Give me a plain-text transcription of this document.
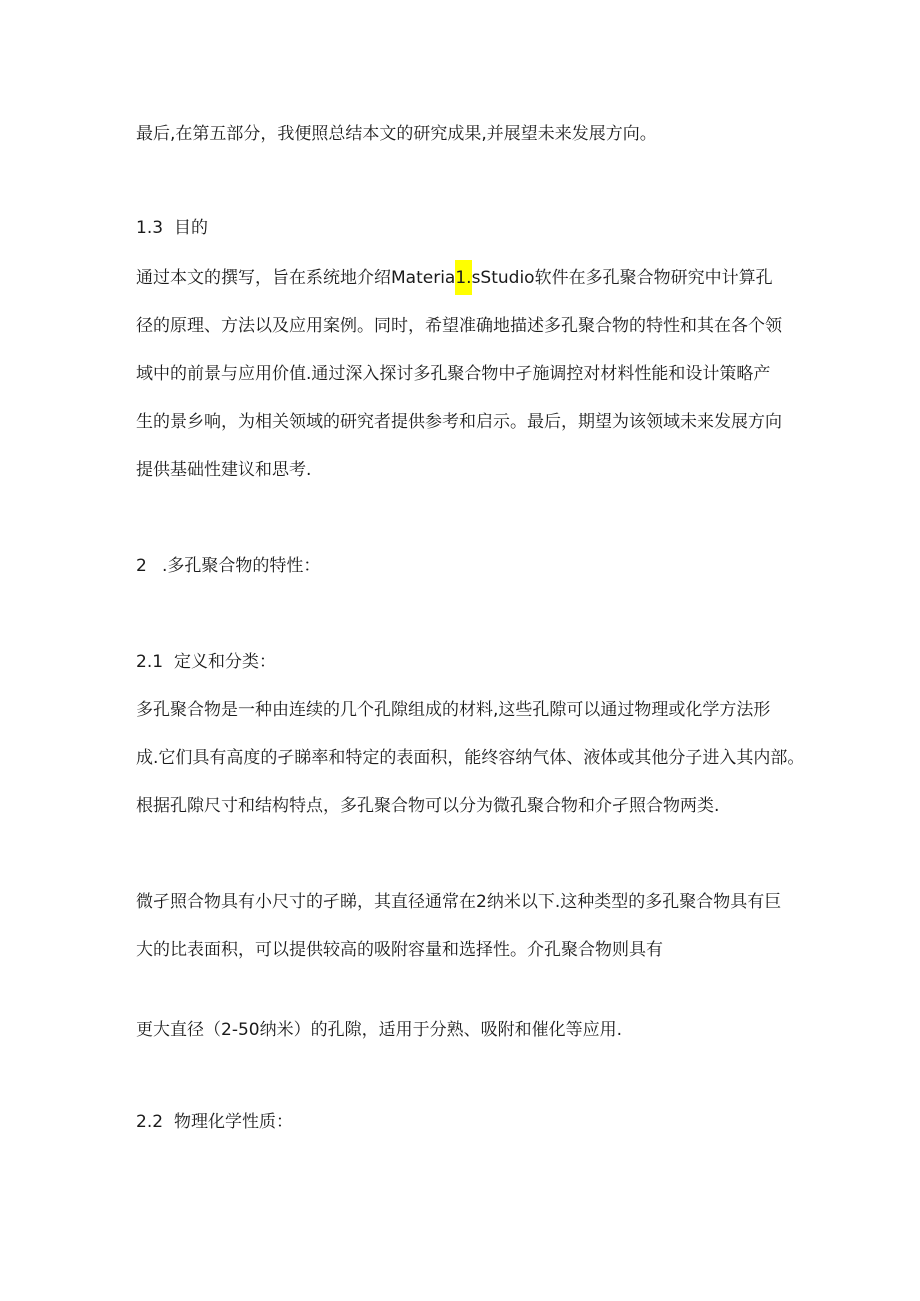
最后,在第五部分，我便照总结本文的研究成果,并展望未来发展方向。
1.3 目的
通过本文的撰写，旨在系统地介绍Materia1.sStudio软件在多孔聚合物研究中计算孔
径的原理、方法以及应用案例。同时，希望准确地描述多孔聚合物的特性和其在各个领
域中的前景与应用价值.通过深入探讨多孔聚合物中孑施调控对材料性能和设计策略产
生的景乡响，为相关领域的研究者提供参考和启示。最后，期望为该领域未来发展方向
提供基础性建议和思考.
2 .多孔聚合物的特性：
2.1 定义和分类：
多孔聚合物是一种由连续的几个孔隙组成的材料,这些孔隙可以通过物理或化学方法形
成.它们具有高度的孑睇率和特定的表面积，能终容纳气体、液体或其他分子进入其内部。
根据孔隙尺寸和结构特点，多孔聚合物可以分为微孔聚合物和介孑照合物两类.
微孑照合物具有小尺寸的孑睇，其直径通常在2纳米以下.这种类型的多孔聚合物具有巨
大的比表面积，可以提供较高的吸附容量和选择性。介孔聚合物则具有
更大直径（2-50纳米）的孔隙，适用于分熟、吸附和催化等应用.
2.2 物理化学性质：
